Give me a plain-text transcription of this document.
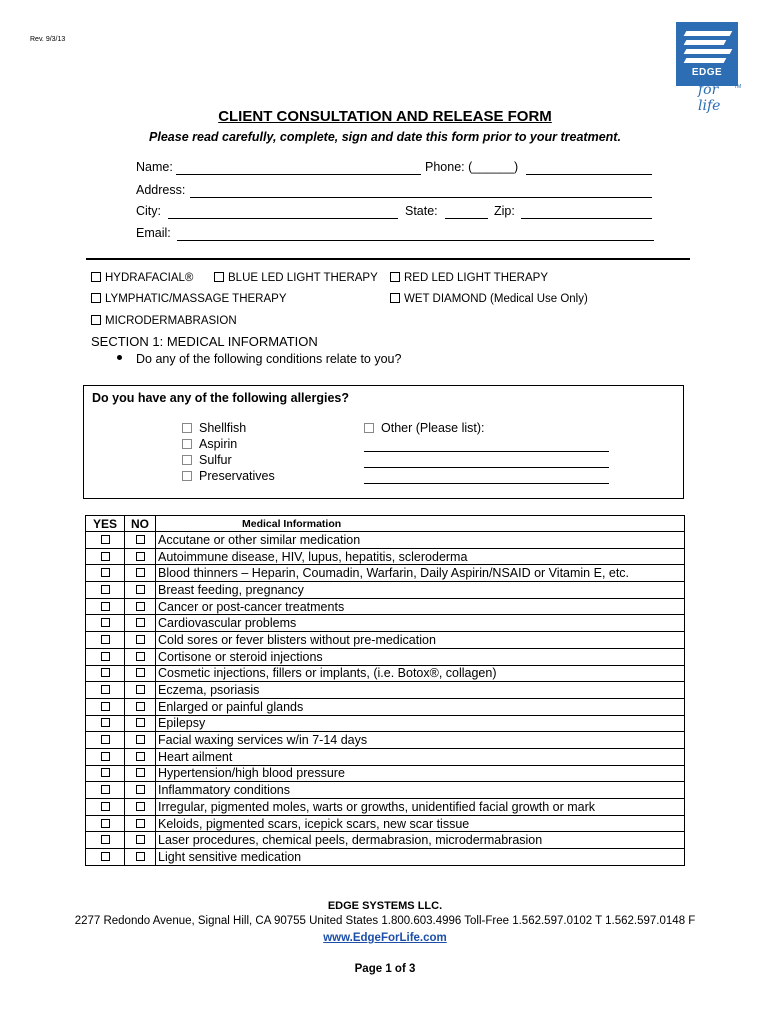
Rev. 9/3/13
EDGE
for life
TM
CLIENT CONSULTATION AND RELEASE FORM
Please read carefully, complete, sign and date this form prior to your treatment.
Name:	Phone: (______)
Address:
City:	State:	Zip:
Email:
HYDRAFACIAL®	BLUE LED LIGHT THERAPY	RED LED LIGHT THERAPY
LYMPHATIC/MASSAGE THERAPY	WET DIAMOND (Medical Use Only)
MICRODERMABRASION
SECTION 1: MEDICAL INFORMATION
Do any of the following conditions relate to you?
Do you have any of the following allergies?
Shellfish
Aspirin
Sulfur
Preservatives
Other (Please list):
YES	NO	Medical Information
		Accutane or other similar medication
		Autoimmune disease, HIV, lupus, hepatitis, scleroderma
		Blood thinners – Heparin, Coumadin, Warfarin, Daily Aspirin/NSAID or Vitamin E, etc.
		Breast feeding, pregnancy
		Cancer or post-cancer treatments
		Cardiovascular problems
		Cold sores or fever blisters without pre-medication
		Cortisone or steroid injections
		Cosmetic injections, fillers or implants, (i.e. Botox®, collagen)
		Eczema, psoriasis
		Enlarged or painful glands
		Epilepsy
		Facial waxing services w/in 7-14 days
		Heart ailment
		Hypertension/high blood pressure
		Inflammatory conditions
		Irregular, pigmented moles, warts or growths, unidentified facial growth or mark
		Keloids, pigmented scars, icepick scars, new scar tissue
		Laser procedures, chemical peels, dermabrasion, microdermabrasion
		Light sensitive medication
EDGE SYSTEMS LLC.
2277 Redondo Avenue, Signal Hill, CA 90755 United States 1.800.603.4996 Toll-Free 1.562.597.0102 T 1.562.597.0148 F
www.EdgeForLife.com
Page 1 of 3
